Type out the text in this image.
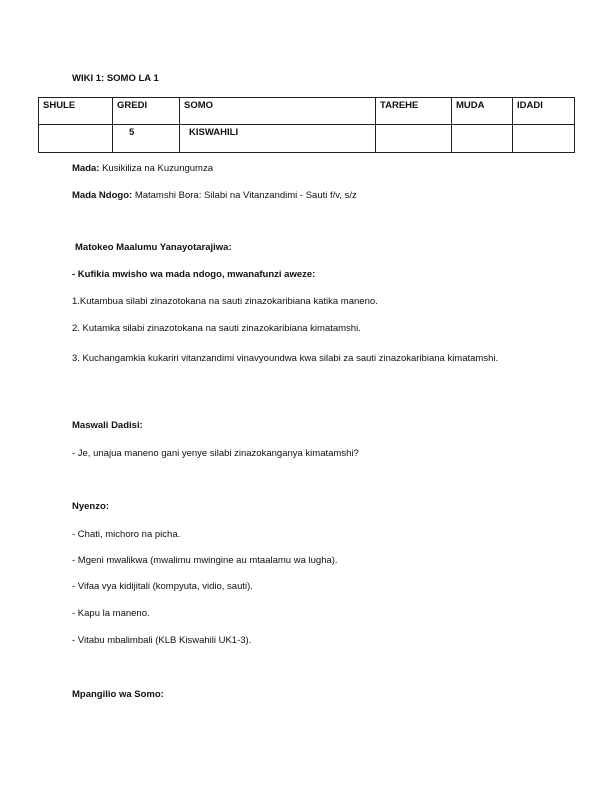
WIKI 1: SOMO LA 1
SHULE	GREDI	SOMO	TAREHE	MUDA	IDADI
	5	KISWAHILI			
Mada: Kusikiliza na Kuzungumza
Mada Ndogo: Matamshi Bora: Silabi na Vitanzandimi - Sauti f/v, s/z
Matokeo Maalumu Yanayotarajiwa:
- Kufikia mwisho wa mada ndogo, mwanafunzi aweze:
1.Kutambua silabi zinazotokana na sauti zinazokaribiana katika maneno.
2. Kutamka silabi zinazotokana na sauti zinazokaribiana kimatamshi.
3. Kuchangamkia kukariri vitanzandimi vinavyoundwa kwa silabi za sauti zinazokaribiana kimatamshi.
Maswali Dadisi:
- Je, unajua maneno gani yenye silabi zinazokanganya kimatamshi?
Nyenzo:
- Chati, michoro na picha.
- Mgeni mwalikwa (mwalimu mwingine au mtaalamu wa lugha).
- Vifaa vya kidijitali (kompyuta, vidio, sauti).
- Kapu la maneno.
- Vitabu mbalimbali (KLB Kiswahili UK1-3).
Mpangilio wa Somo:
